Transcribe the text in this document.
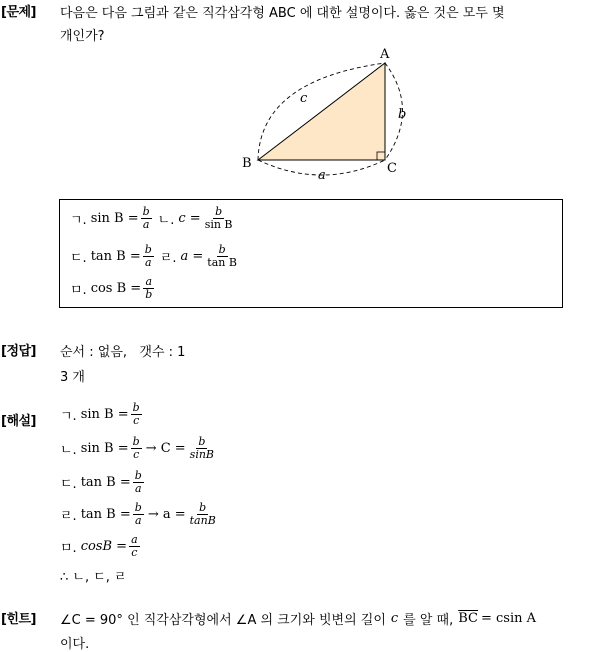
[문제] 다음은 다음 그림과 같은 직각삼각형 ABC 에 대한 설명이다. 옳은 것은 모두 몇
개인가?
A
B	C
c
b
a
ㄱ. $\sin B = \frac{b}{a}$ ㄴ. $c = \frac{b}{\text{sin B}}$
ㄷ. $\tan B = \frac{b}{a}$ ㄹ. $a = \frac{b}{\text{tan B}}$
ㅁ. $\cos B = \frac{a}{b}$
[정답] 순서 : 없음,   갯수 : 1
3 개
[해설] ㄱ. $\sin B = \frac{b}{c}$
ㄴ. $\sin B = \frac{b}{c} \to C = \frac{b}{\sin B}$
ㄷ. $\tan B = \frac{b}{a}$
ㄹ. $\tan B = \frac{b}{a} \to a = \frac{b}{\tan B}$
ㅁ. $\cos B = \frac{a}{c}$
∴ ㄴ, ㄷ, ㄹ
[힌트] ∠C = 90° 인 직각삼각형에서 ∠A 의 크기와 빗변의 길이 c 를 알 때, $\overline{BC} = csin$ A
이다.
